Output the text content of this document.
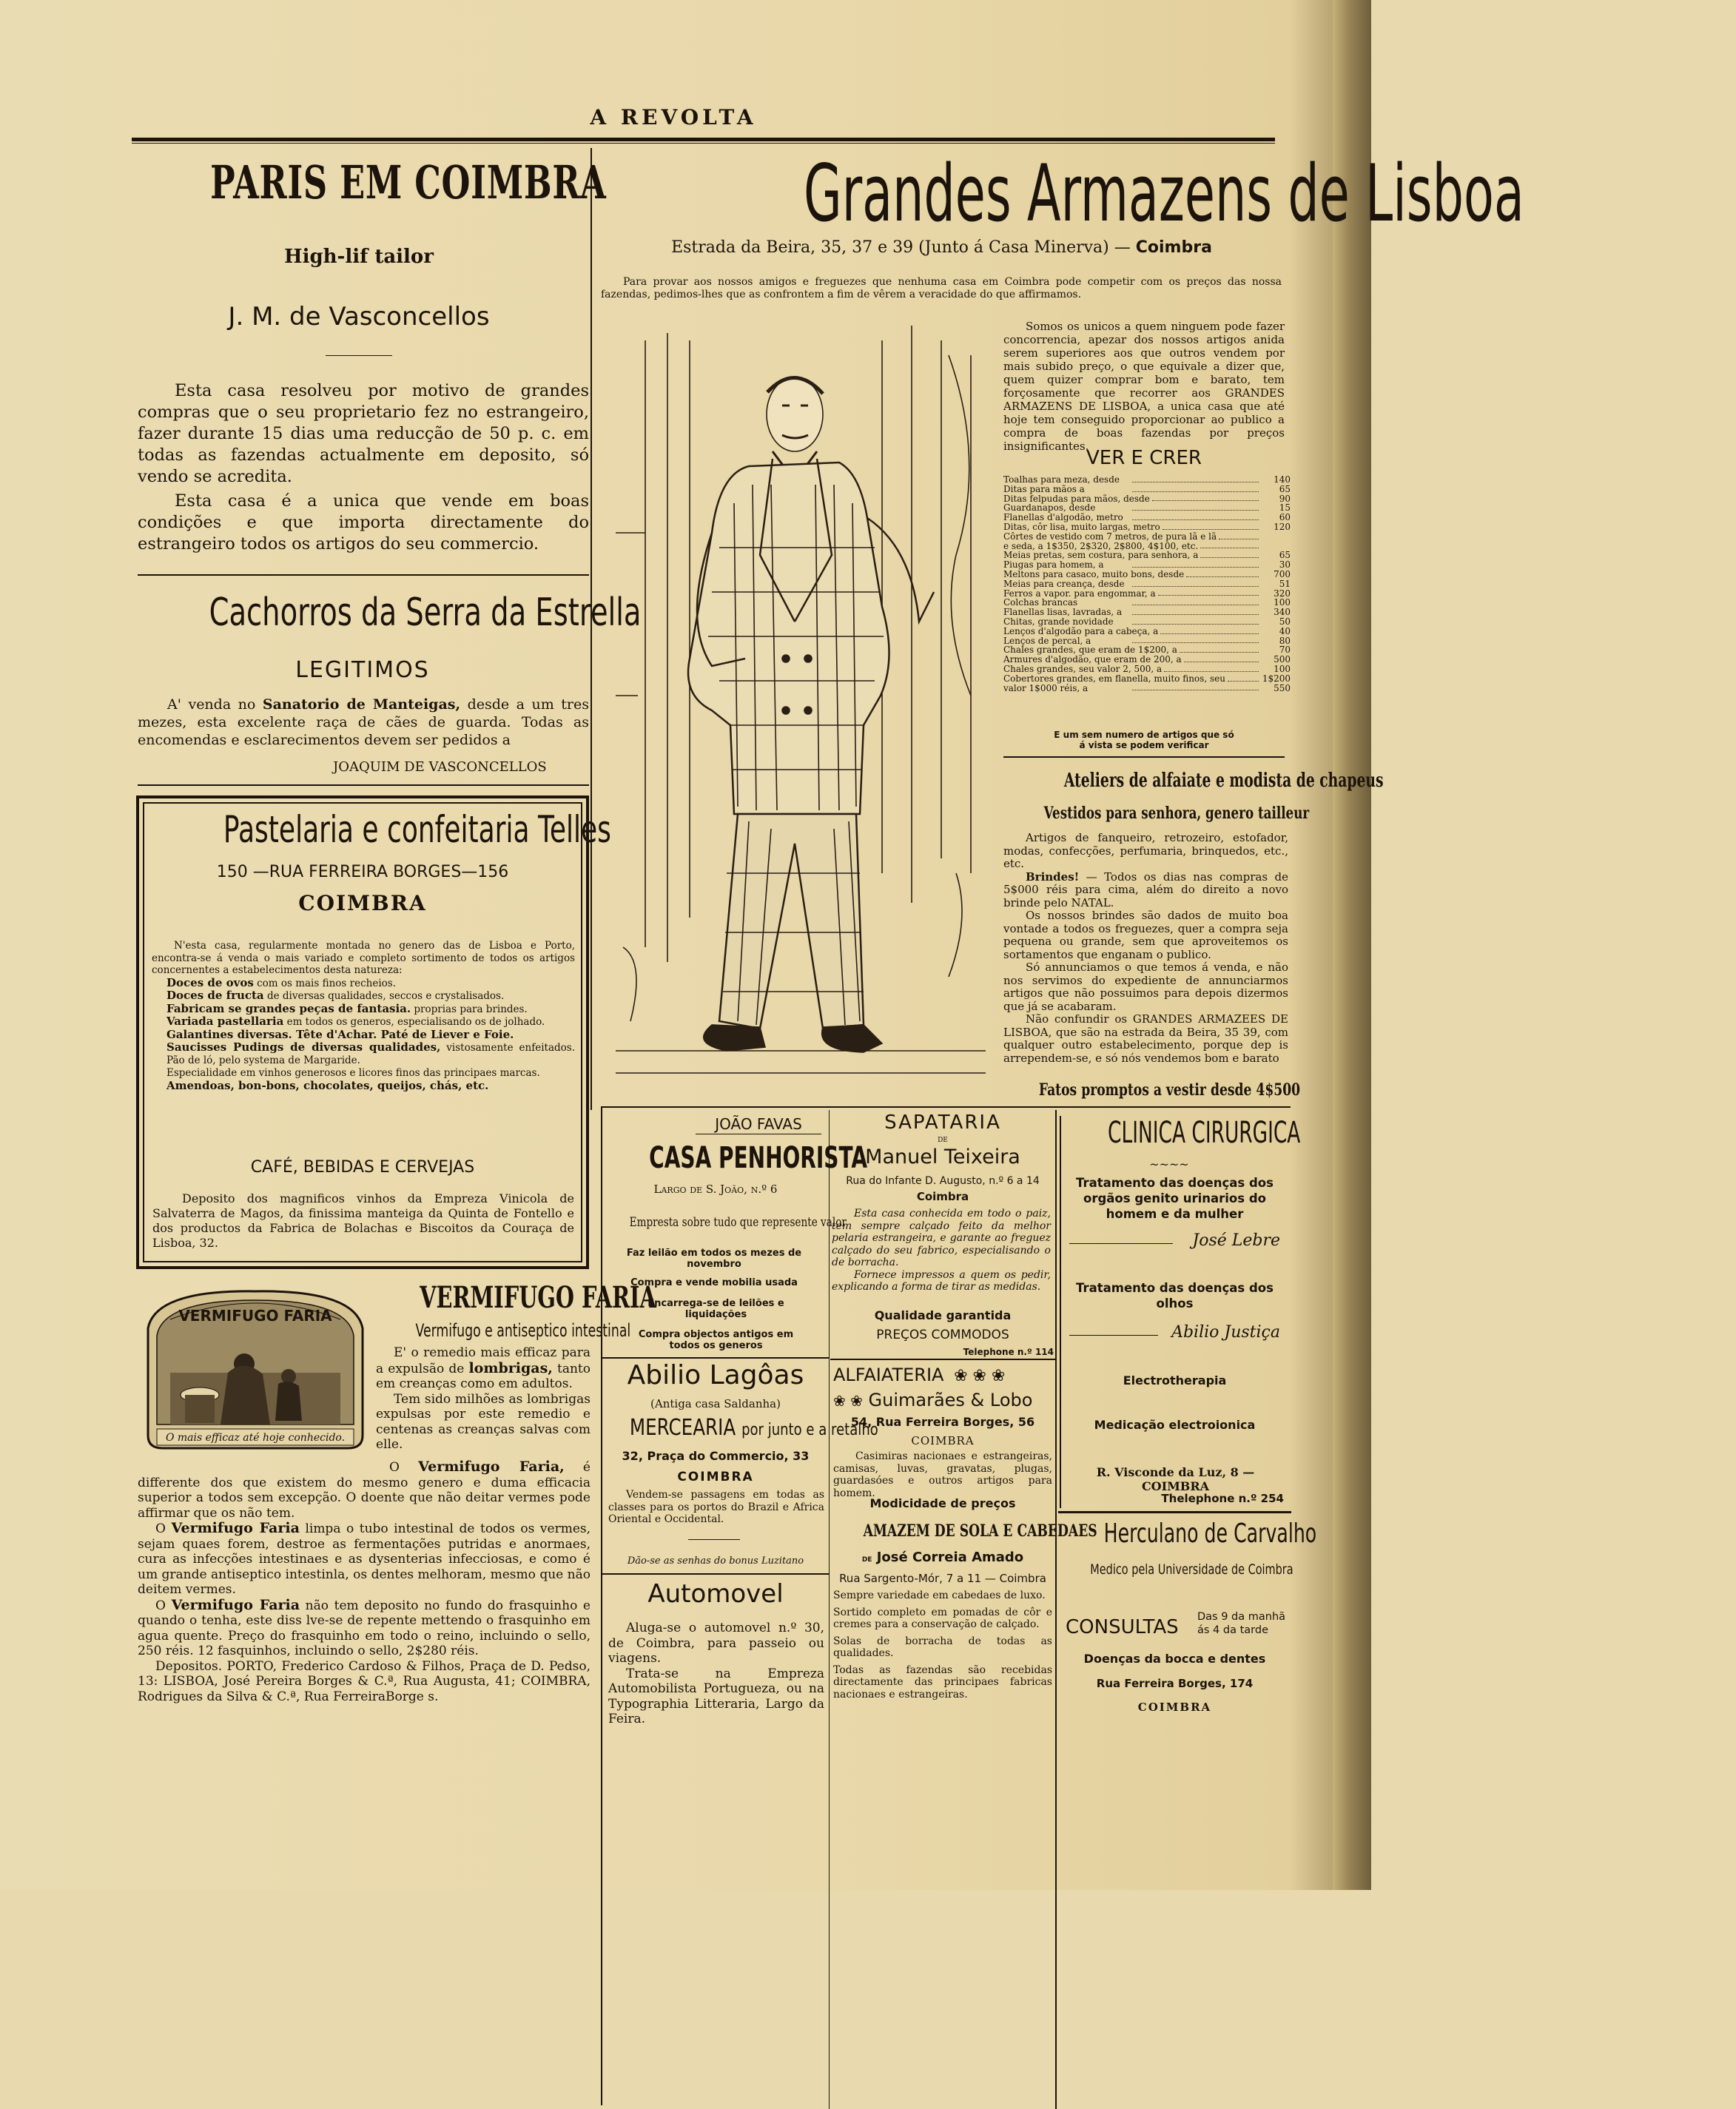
A REVOLTA
PARIS EM COIMBRA
High-lif tailor
J. M. de Vasconcellos

Esta casa resolveu por motivo de grandes compras que o seu proprietario fez no estrangeiro, fazer durante 15 dias uma reducção de 50 p. c. em todas as fazendas actualmente em deposito, só vendo se acredita.

Esta casa é a unica que vende em boas condições e que importa directamente do estrangeiro todos os artigos do seu commercio.

Cachorros da Serra da Estrella
LEGITIMOS
A' venda no Sanatorio de Manteigas, desde a um tres mezes, esta excelente raça de cães de guarda. Todas as encomendas e esclarecimentos devem ser pedidos a
JOAQUIM DE VASCONCELLOS
Pastelaria e confeitaria Telles
150 —RUA FERREIRA BORGES—156
COIMBRA

N'esta casa, regularmente montada no genero das de Lisboa e Porto, encontra-se á venda o mais variado e completo sortimento de todos os artigos concernentes a estabelecimentos desta natureza:

Doces de ovos com os mais finos recheios.

Doces de fructa de diversas qualidades, seccos e crystalisados.

Fabricam se grandes peças de fantasia. proprias para brindes.

Variada pastellaria em todos os generos, especialisando os de jolhado.

Galantines diversas. Tête d'Achar. Paté de Liever e Foie.

Saucisses Pudings de diversas qualidades, vistosamente enfeitados. Pão de ló, pelo systema de Margaride.

Especialidade em vinhos generosos e licores finos das principaes marcas.

Amendoas, bon-bons, chocolates, queijos, chás, etc.

CAFÉ, BEBIDAS E CERVEJAS
Deposito dos magnificos vinhos da Empreza Vinicola de Salvaterra de Magos, da finissima manteiga da Quinta de Fontello e dos productos da Fabrica de Bolachas e Biscoitos da Couraça de Lisboa, 32.
VERMIFUGO FARIA
O mais efficaz até hoje conhecido.
VERMIFUGO FARIA
Vermifugo e antiseptico intestinal

E' o remedio mais efficaz para a expulsão de lombrigas, tanto em creanças como em adultos.

Tem sido milhões as lombrigas expulsas por este remedio e centenas as creanças salvas com elle.

O Vermifugo Faria, é differente dos que existem do mesmo genero e duma efficacia superior a todos sem excepção. O doente que não deitar vermes pode affirmar que os não tem.

O Vermifugo Faria limpa o tubo intestinal de todos os vermes, sejam quaes forem, destroe as fermentações putridas e anormaes, cura as infecções intestinaes e as dysenterias infecciosas, e como é um grande antiseptico intestinla, os dentes melhoram, mesmo que não deitem vermes.

O Vermifugo Faria não tem deposito no fundo do frasquinho e quando o tenha, este diss lve-se de repente mettendo o frasquinho em agua quente. Preço do frasquinho em todo o reino, incluindo o sello, 250 réis. 12 fasquinhos, incluindo o sello, 2$280 réis.

Depositos. PORTO, Frederico Cardoso & Filhos, Praça de D. Pedso, 13: LISBOA, José Pereira Borges & C.ª, Rua Augusta, 41; COIMBRA, Rodrigues da Silva & C.ª, Rua FerreiraBorge s.

Grandes Armazens de Lisboa
Estrada da Beira, 35, 37 e 39 (Junto á Casa Minerva) — Coimbra
Para provar aos nossos amigos e freguezes que nenhuma casa em Coimbra pode competir com os preços das nossa fazendas, pedimos-lhes que as confrontem a fim de vêrem a veracidade do que affirmamos.
Somos os unicos a quem ninguem pode fazer concorrencia, apezar dos nossos artigos anida serem superiores aos que outros vendem por mais subido preço, o que equivale a dizer que, quem quizer comprar bom e barato, tem forçosamente que recorrer aos GRANDES ARMAZENS DE LISBOA, a unica casa que até hoje tem conseguido proporcionar ao publico a compra de boas fazendas por preços insignificantes.
VER E CRER
Toalhas para meza, desde	140
Ditas para mãos a	65
Ditas felpudas para mãos, desde	90
Guardanapos, desde	15
Flanellas d'algodão, metro	60
Ditas, côr lisa, muito largas, metro	120
Côrtes de vestido com 7 metros, de pura lã e lã
e seda, a 1$350, 2$320, 2$800, 4$100, etc.
Meias pretas, sem costura, para senhora, a	65
Piugas para homem, a	30
Meltons para casaco, muito bons, desde	700
Meias para creança, desde	51
Ferros a vapor. para engommar, a	320
Colchas brancas	100
Flanellas lisas, lavradas, a	340
Chitas, grande novidade	50
Lenços d'algodão para a cabeça, a	40
Lenços de percal, a	80
Chales grandes, que eram de 1$200, a	70
Armures d'algodão, que eram de 200, a	500
Chales grandes, seu valor 2, 500, a	100
Cobertores grandes, em flanella, muito finos, seu	1$200
valor 1$000 réis, a	550

E um sem numero de artigos que só

á vista se podem verificar

Ateliers de alfaiate e modista de chapeus
Vestidos para senhora, genero tailleur

Artigos de fanqueiro, retrozeiro, estofador, modas, confecções, perfumaria, brinquedos, etc., etc.

Brindes! — Todos os dias nas compras de 5$000 réis para cima, além do direito a novo brinde pelo NATAL.

Os nossos brindes são dados de muito boa vontade a todos os freguezes, quer a compra seja pequena ou grande, sem que aproveitemos os sortamentos que enganam o publico.

Só annunciamos o que temos á venda, e não nos servimos do expediente de annunciarmos artigos que não possuimos para depois dizermos que já se acabaram.

Não confundir os GRANDES ARMAZEES DE LISBOA, que são na estrada da Beira, 35 39, com qualquer outro estabelecimento, porque dep is arrependem-se, e só nós vendemos bom e barato

Fatos promptos a vestir desde 4$500
JOÃO FAVAS
CASA PENHORISTA
Largo de S. João, n.º 6
Empresta sobre tudo que represente valor
Faz leilão em todos os mezes de novembro
Compra e vende mobilia usada
Encarrega-se de leilões e liquidações
Compra objectos antigos em todos os generos
Abilio Lagôas
(Antiga casa Saldanha)
MERCEARIA por junto e a retalho
32, Praça do Commercio, 33
COIMBRA
Vendem-se passagens em todas as classes para os portos do Brazil e Africa Oriental e Occidental.
Dão-se as senhas do bonus Luzitano
Automovel

Aluga-se o automovel n.º 30, de Coimbra, para passeio ou viagens.

Trata-se na Empreza Automobilista Portugueza, ou na Typographia Litteraria, Largo da Feira.

SAPATARIA
DE
Manuel Teixeira
Rua do Infante D. Augusto, n.º 6 a 14
Coimbra

Esta casa conhecida em todo o paiz, tem sempre calçado feito da melhor pelaria estrangeira, e garante ao freguez calçado do seu fabrico, especialisando o de borracha.

Fornece impressos a quem os pedir, explicando a forma de tirar as medidas.

Qualidade garantida
PREÇOS COMMODOS
Telephone n.º 114
ALFAIATERIA ❀ ❀ ❀
❀ ❀ Guimarães & Lobo
54, Rua Ferreira Borges, 56
COIMBRA
Casimiras nacionaes e estrangeiras, camisas, luvas, gravatas, plugas, guardasóes e outros artigos para homem.
Modicidade de preços
AMAZEM DE SOLA E CABEDAES
DE José Correia Amado
Rua Sargento-Mór, 7 a 11 — Coimbra

Sempre variedade em cabedaes de luxo.

Sortido completo em pomadas de côr e cremes para a conservação de calçado.

Solas de borracha de todas as qualidades.

Todas as fazendas são recebidas directamente das principaes fabricas nacionaes e estrangeiras.

CLINICA CIRURGICA
~~~~
Tratamento das doenças dos orgãos genito urinarios do homem e da mulher
José Lebre
Tratamento das doenças dos olhos
Abilio Justiça
Electrotherapia
Medicação electroionica
R. Visconde da Luz, 8 — COIMBRA
Thelephone n.º 254
Herculano de Carvalho
Medico pela Universidade de Coimbra
CONSULTAS Das 9 da manhã

ás 4 da tarde

Doenças da bocca e dentes
Rua Ferreira Borges, 174
COIMBRA
